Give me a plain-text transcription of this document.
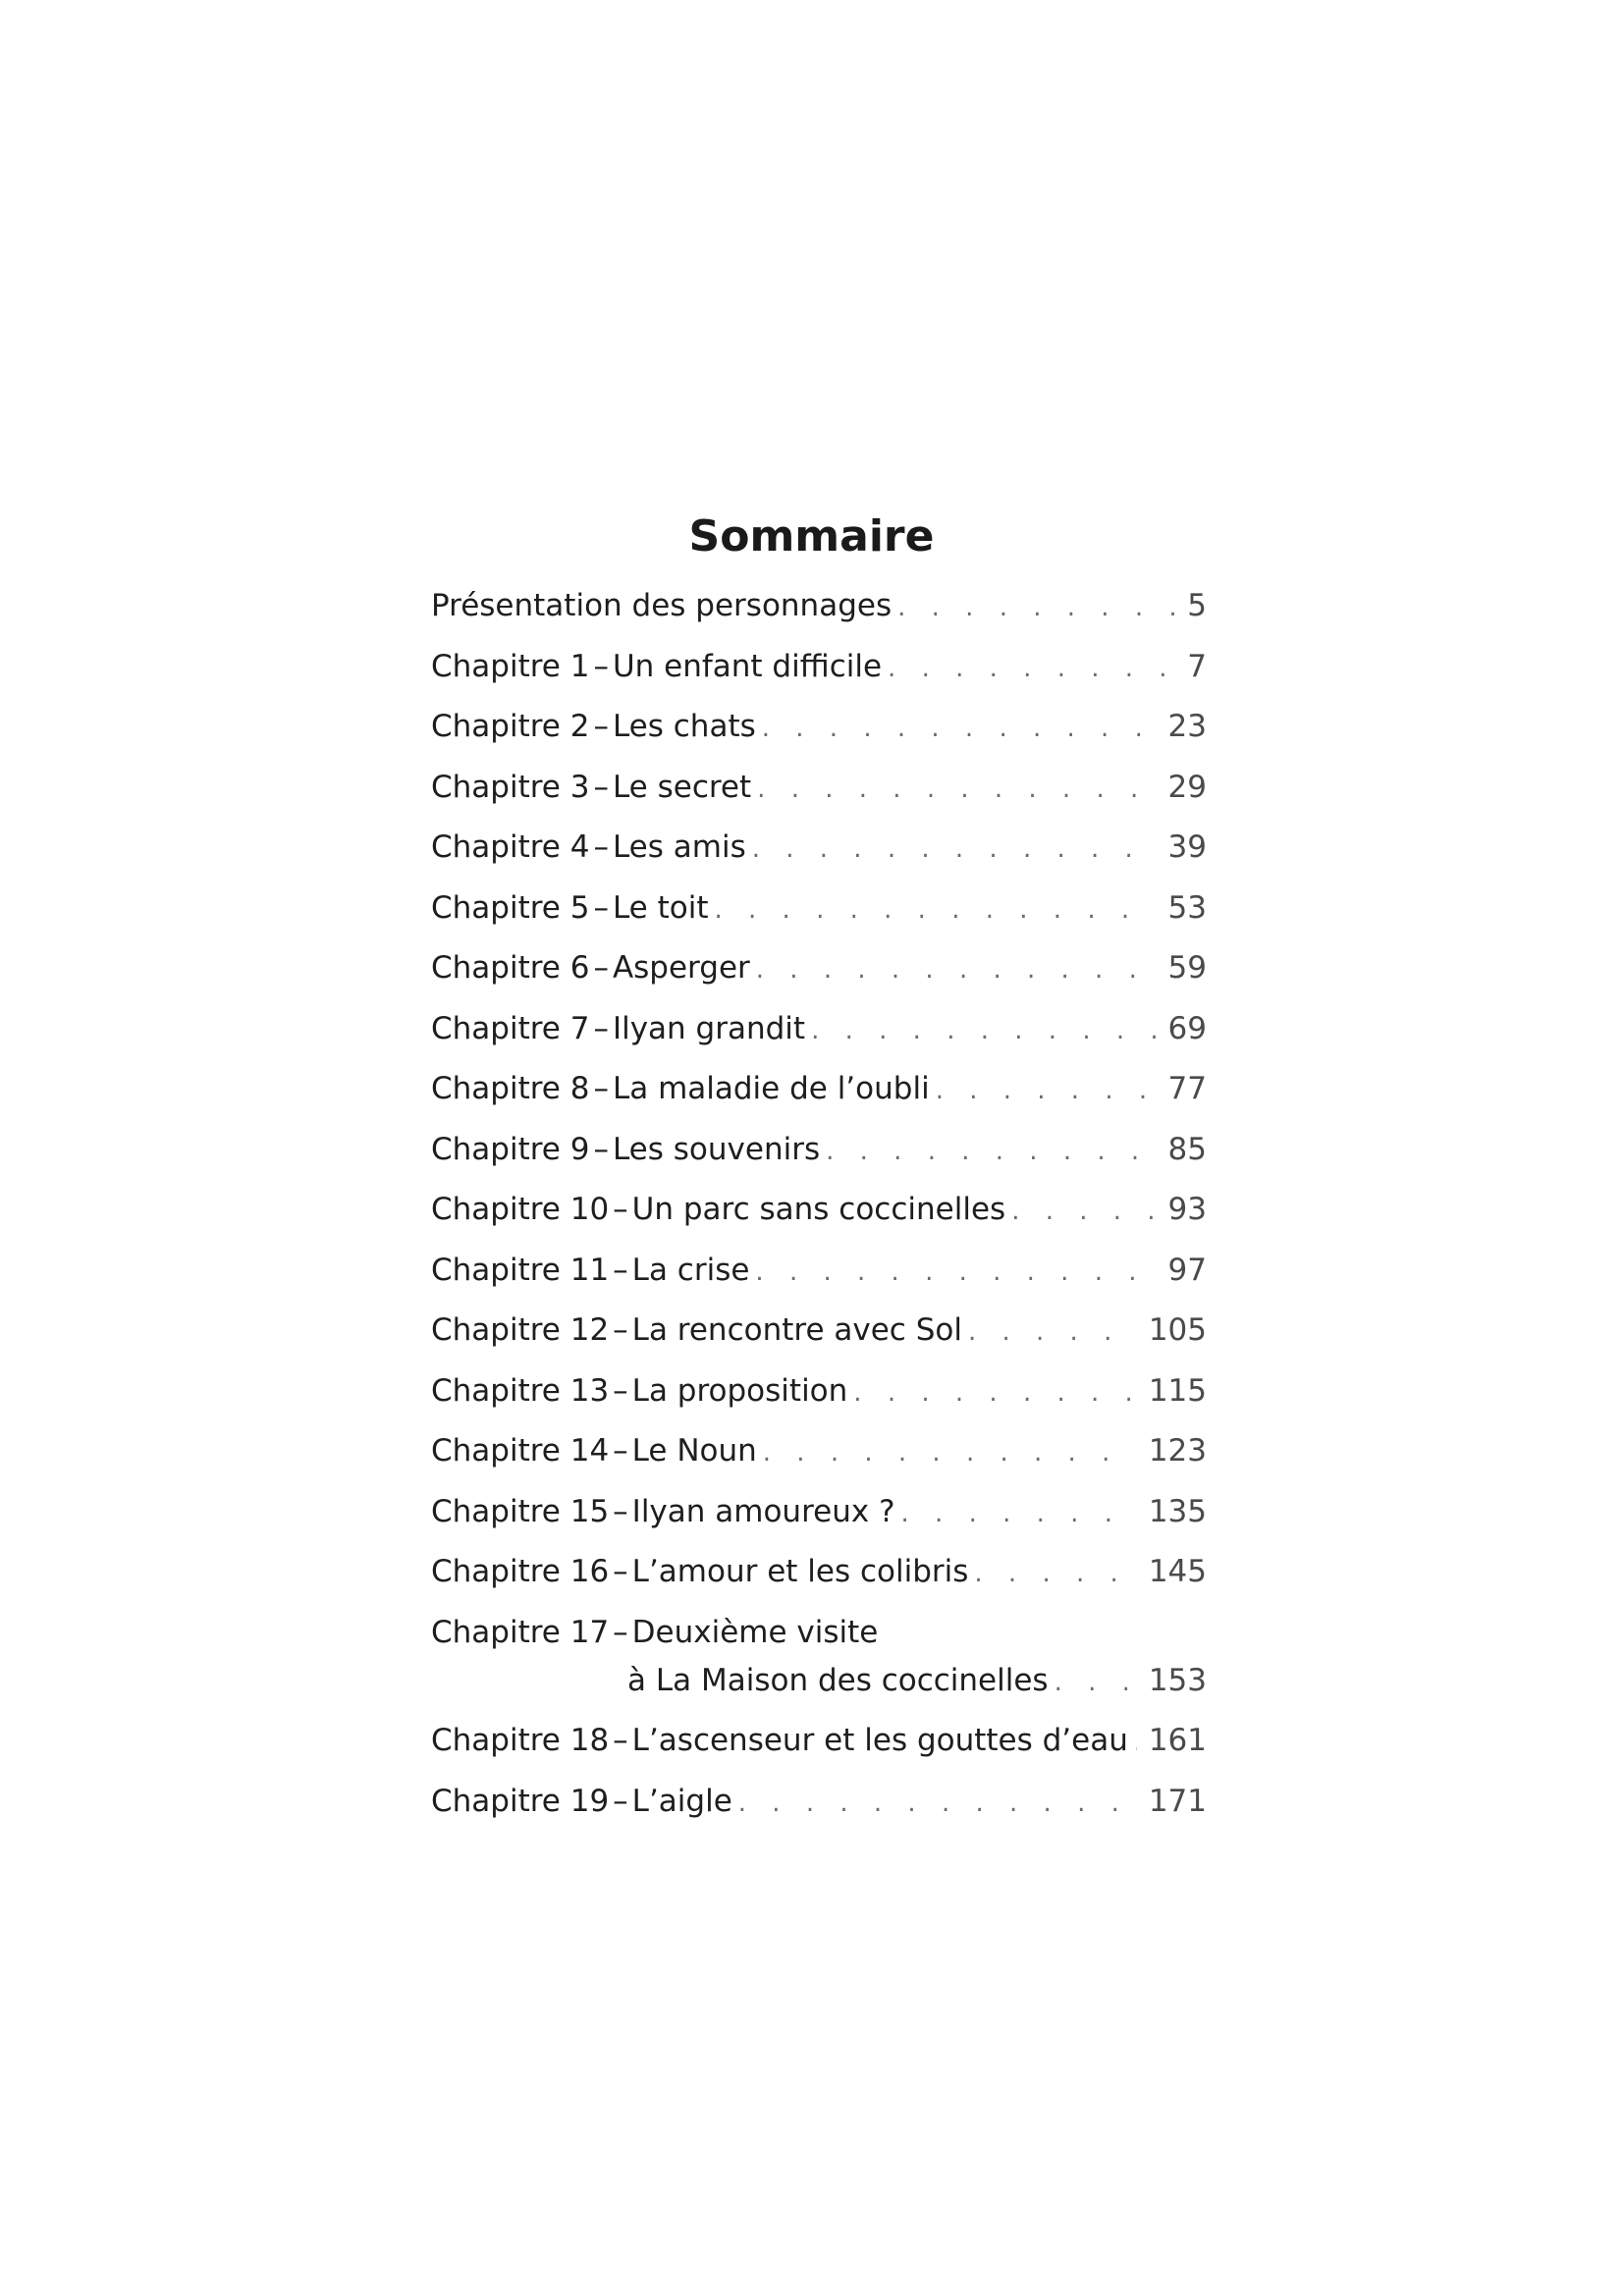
Sommaire
Présentation des personnages . . .	5
Chapitre 1 – Un enfant difficile . . .	7
Chapitre 2 – Les chats . . .	23
Chapitre 3 – Le secret . . .	29
Chapitre 4 – Les amis . . .	39
Chapitre 5 – Le toit . . .	53
Chapitre 6 – Asperger . . .	59
Chapitre 7 – Ilyan grandit . . .	69
Chapitre 8 – La maladie de l’oubli . . .	77
Chapitre 9 – Les souvenirs . . .	85
Chapitre 10 – Un parc sans coccinelles . . .	93
Chapitre 11 – La crise . . .	97
Chapitre 12 – La rencontre avec Sol . . .	105
Chapitre 13 – La proposition . . .	115
Chapitre 14 – Le Noun . . .	123
Chapitre 15 – Ilyan amoureux ? . . .	135
Chapitre 16 – L’amour et les colibris . . .	145
Chapitre 17 – Deuxième visite
à La Maison des coccinelles . . .	153
Chapitre 18 – L’ascenseur et les gouttes d’eau . . . 161
Chapitre 19 – L’aigle . . .	171
